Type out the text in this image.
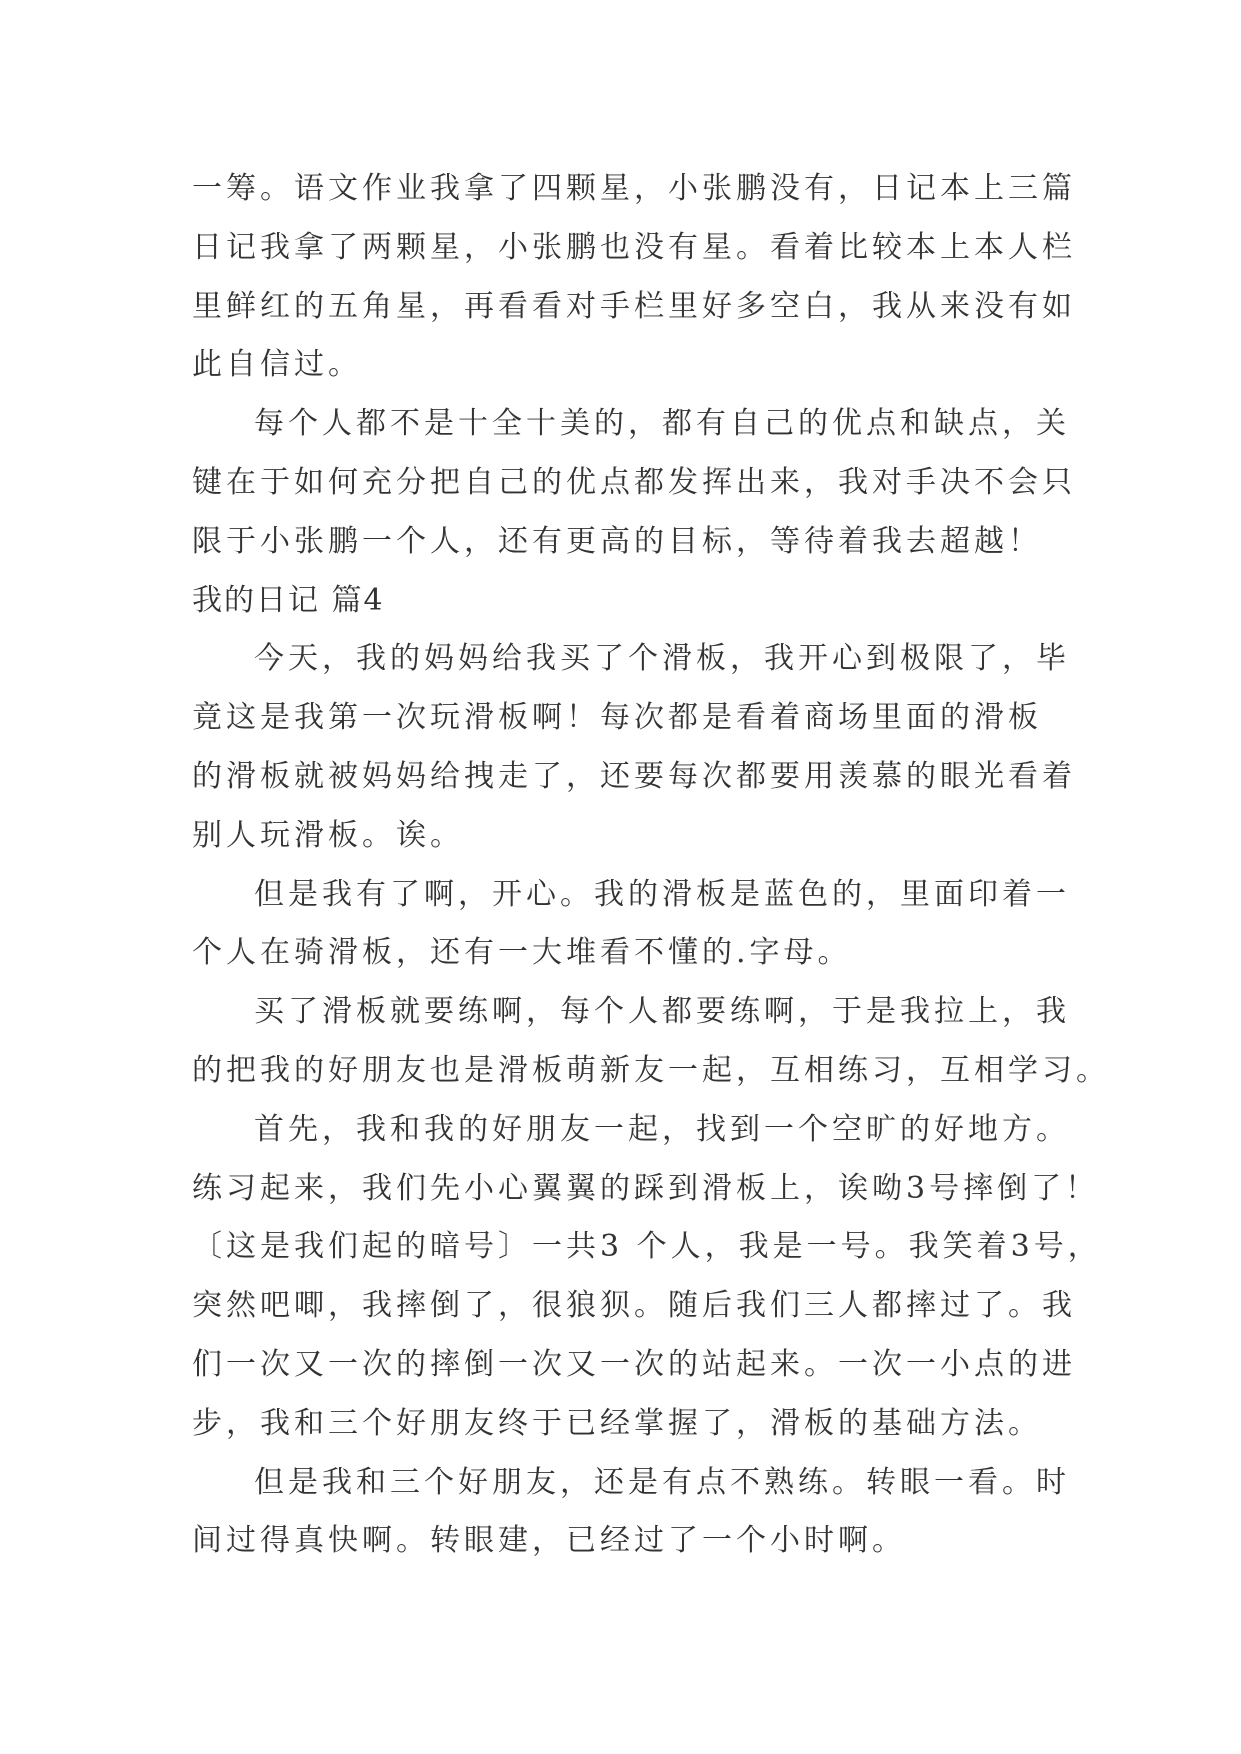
一筹。语文作业我拿了四颗星，小张鹏没有，日记本上三篇
日记我拿了两颗星，小张鹏也没有星。看着比较本上本人栏
里鲜红的五角星，再看看对手栏里好多空白，我从来没有如
此自信过。
每个人都不是十全十美的，都有自己的优点和缺点，关
键在于如何充分把自己的优点都发挥出来，我对手决不会只
限于小张鹏一个人，还有更高的目标，等待着我去超越！
我的日记 篇4
今天，我的妈妈给我买了个滑板，我开心到极限了，毕
竟这是我第一次玩滑板啊！每次都是看着商场里面的滑板
的滑板就被妈妈给拽走了，还要每次都要用羡慕的眼光看着
别人玩滑板。诶。
但是我有了啊，开心。我的滑板是蓝色的，里面印着一
个人在骑滑板，还有一大堆看不懂的.字母。
买了滑板就要练啊，每个人都要练啊，于是我拉上，我
的把我的好朋友也是滑板萌新友一起，互相练习，互相学习。
首先，我和我的好朋友一起，找到一个空旷的好地方。
练习起来，我们先小心翼翼的踩到滑板上，诶呦3号摔倒了！
〔这是我们起的暗号〕一共3 个人，我是一号。我笑着3号，
突然吧唧，我摔倒了，很狼狈。随后我们三人都摔过了。我
们一次又一次的摔倒一次又一次的站起来。一次一小点的进
步，我和三个好朋友终于已经掌握了，滑板的基础方法。
但是我和三个好朋友，还是有点不熟练。转眼一看。时
间过得真快啊。转眼建，已经过了一个小时啊。
